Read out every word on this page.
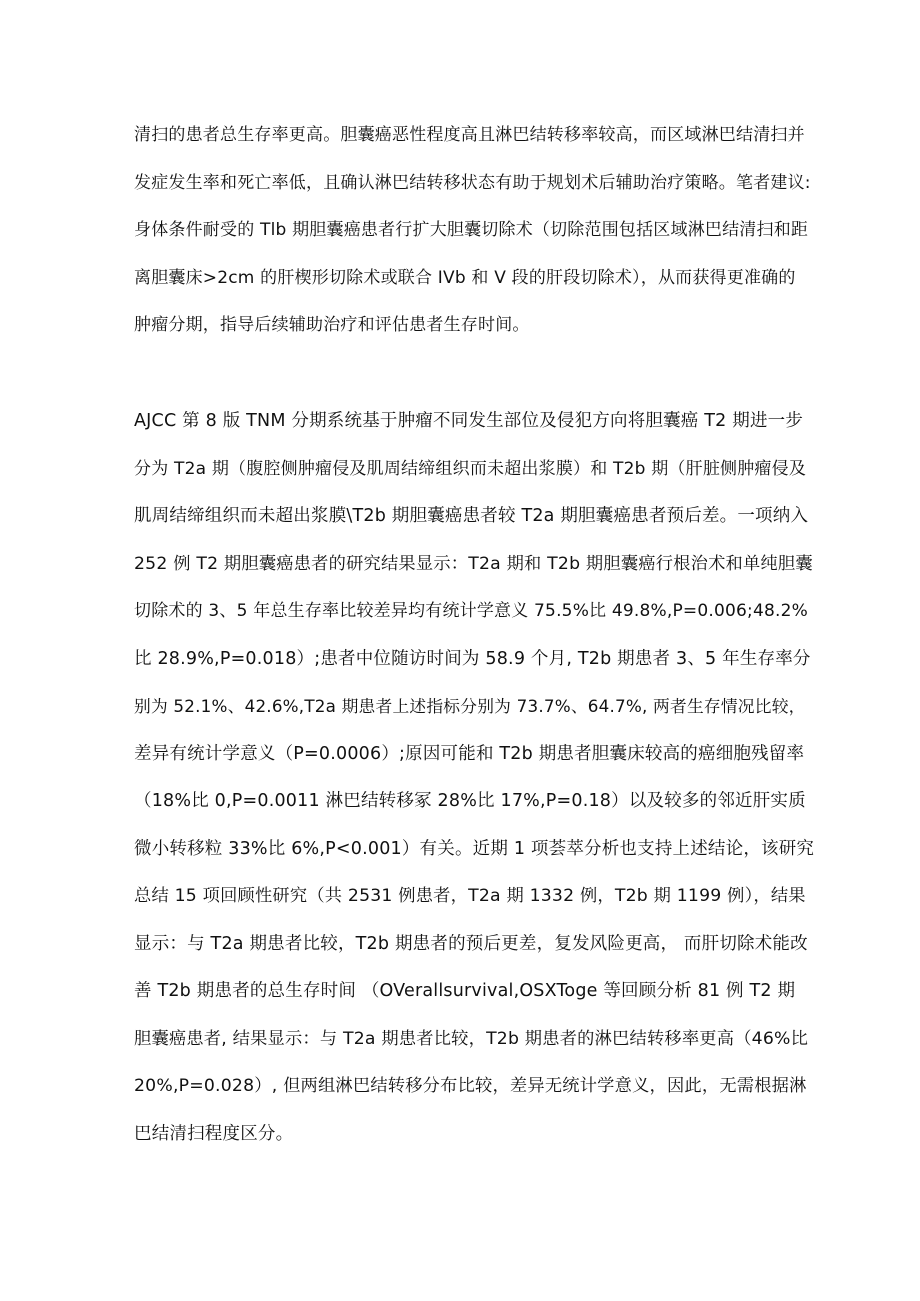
清扫的患者总生存率更高。胆囊癌恶性程度高且淋巴结转移率较高，而区域淋巴结清扫并
发症发生率和死亡率低，且确认淋巴结转移状态有助于规划术后辅助治疗策略。笔者建议:
身体条件耐受的 Tlb 期胆囊癌患者行扩大胆囊切除术（切除范围包括区域淋巴结清扫和距
离胆囊床>2cm 的肝楔形切除术或联合 IVb 和 V 段的肝段切除术），从而获得更准确的
肿瘤分期，指导后续辅助治疗和评估患者生存时间。
AJCC 第 8 版 TNM 分期系统基于肿瘤不同发生部位及侵犯方向将胆囊癌 T2 期进一步
分为 T2a 期（腹腔侧肿瘤侵及肌周结缔组织而未超出浆膜）和 T2b 期（肝脏侧肿瘤侵及
肌周结缔组织而未超出浆膜\T2b 期胆囊癌患者较 T2a 期胆囊癌患者预后差。一项纳入
252 例 T2 期胆囊癌患者的研究结果显示：T2a 期和 T2b 期胆囊癌行根治术和单纯胆囊
切除术的 3、5 年总生存率比较差异均有统计学意义 75.5%比 49.8%,P=0.006;48.2%
比 28.9%,P=0.018）;患者中位随访时间为 58.9 个月, T2b 期患者 3、5 年生存率分
别为 52.1%、42.6%,T2a 期患者上述指标分别为 73.7%、64.7%, 两者生存情况比较，
差异有统计学意义（P=0.0006）;原因可能和 T2b 期患者胆囊床较高的癌细胞残留率
（18%比 0,P=0.0011 淋巴结转移冢 28%比 17%,P=0.18）以及较多的邻近肝实质
微小转移粒 33%比 6%,P<0.001）有关。近期 1 项荟萃分析也支持上述结论，该研究
总结 15 项回顾性研究（共 2531 例患者，T2a 期 1332 例，T2b 期 1199 例），结果
显示：与 T2a 期患者比较，T2b 期患者的预后更差，复发风险更高， 而肝切除术能改
善 T2b 期患者的总生存时间 （OVerallsurvival,OSXToge 等回顾分析 81 例 T2 期
胆囊癌患者, 结果显示：与 T2a 期患者比较，T2b 期患者的淋巴结转移率更高（46%比
20%,P=0.028）, 但两组淋巴结转移分布比较，差异无统计学意义，因此，无需根据淋
巴结清扫程度区分。
